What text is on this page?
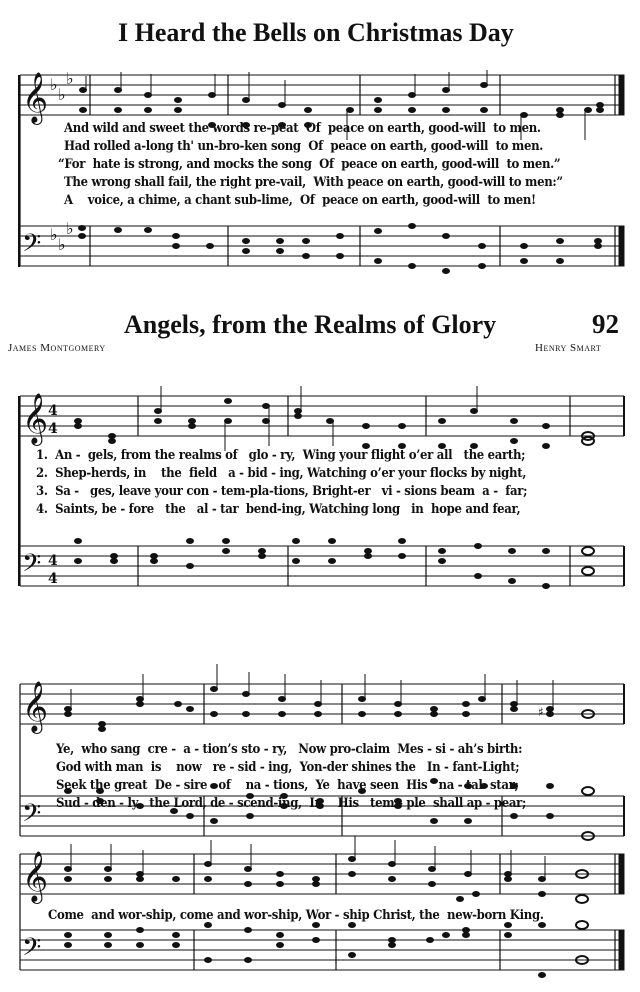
I Heard the Bells on Christmas Day
𝄞
𝄢
♭
♭
♭
♭
♭
♭
𝄞 4
4
𝄢 4
4
𝄞
𝄢
♯
𝄞
𝄢
And wild and sweet the words re-peat  Of  peace on earth, good-will  to men.
Had rolled a-long th' un-bro-ken song  Of  peace on earth, good-will  to men.
“For  hate is strong, and mocks the song  Of  peace on earth, good-will  to men.”
The wrong shall fail, the right pre-vail,  With peace on earth, good-will to men:”
A    voice, a chime, a chant sub-lime,  Of  peace on earth, good-will  to men!
Angels, from the Realms of Glory	92
James Montgomery	Henry Smart
1.  An -  gels, from the realms of   glo - ry,  Wing your flight o’er all   the earth;
2.  Shep-herds, in    the  field   a - bid - ing, Watching o’er your flocks by night,
3.  Sa -   ges, leave your con - tem-pla-tions, Bright-er   vi - sions beam  a -  far;
4.  Saints, be - fore   the   al - tar  bend-ing, Watching long   in  hope and fear,
Ye,  who sang  cre -  a - tion’s sto - ry,   Now pro-claim  Mes - si - ah’s birth:
God with man  is    now   re - sid - ing,  Yon-der shines the   In - fant-Light;
Seek the great  De - sire   of    na - tions,  Ye  have seen  His   na - tal  star;
Sud - den - ly   the Lord, de - scend-ing,  In    His   tem - ple  shall ap - pear;
Come  and wor-ship, come and wor-ship, Wor - ship Christ, the  new-born King.
